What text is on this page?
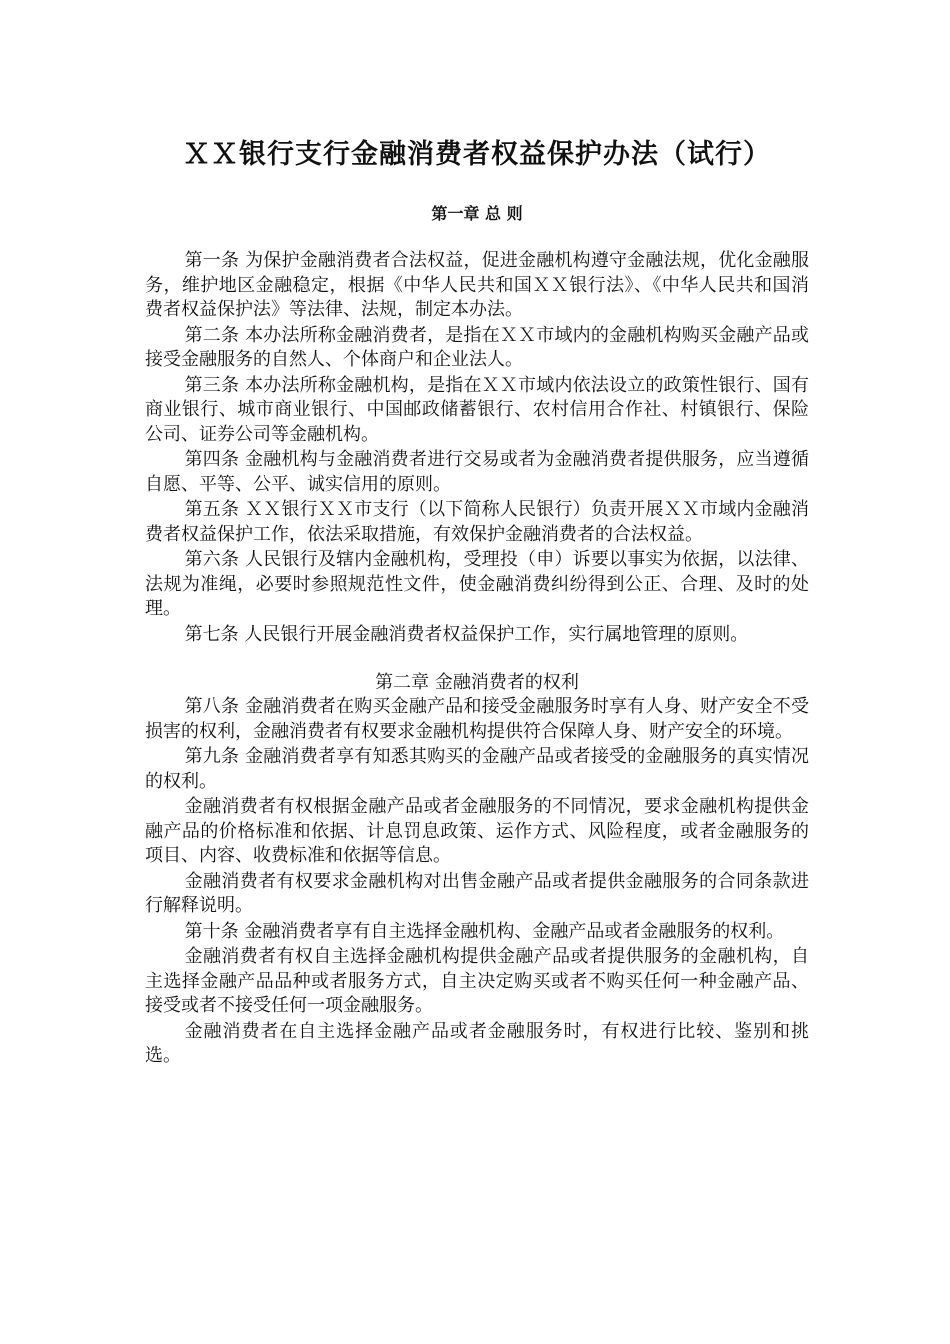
ＸＸ银行支行金融消费者权益保护办法（试行）
第一章 总 则

第一条 为保护金融消费者合法权益，促进金融机构遵守金融法规，优化金融服务，维护地区金融稳定，根据《中华人民共和国ＸＸ银行法》、《中华人民共和国消费者权益保护法》等法律、法规，制定本办法。

第二条 本办法所称金融消费者，是指在ＸＸ市域内的金融机构购买金融产品或接受金融服务的自然人、个体商户和企业法人。

第三条 本办法所称金融机构，是指在ＸＸ市域内依法设立的政策性银行、国有商业银行、城市商业银行、中国邮政储蓄银行、农村信用合作社、村镇银行、保险公司、证券公司等金融机构。

第四条 金融机构与金融消费者进行交易或者为金融消费者提供服务，应当遵循自愿、平等、公平、诚实信用的原则。

第五条 ＸＸ银行ＸＸ市支行（以下简称人民银行）负责开展ＸＸ市域内金融消费者权益保护工作，依法采取措施，有效保护金融消费者的合法权益。

第六条 人民银行及辖内金融机构，受理投（申）诉要以事实为依据，以法律、法规为准绳，必要时参照规范性文件，使金融消费纠纷得到公正、合理、及时的处理。

第七条 人民银行开展金融消费者权益保护工作，实行属地管理的原则。

第二章 金融消费者的权利

第八条 金融消费者在购买金融产品和接受金融服务时享有人身、财产安全不受损害的权利，金融消费者有权要求金融机构提供符合保障人身、财产安全的环境。

第九条 金融消费者享有知悉其购买的金融产品或者接受的金融服务的真实情况的权利。

金融消费者有权根据金融产品或者金融服务的不同情况，要求金融机构提供金融产品的价格标准和依据、计息罚息政策、运作方式、风险程度，或者金融服务的项目、内容、收费标准和依据等信息。

金融消费者有权要求金融机构对出售金融产品或者提供金融服务的合同条款进行解释说明。

第十条 金融消费者享有自主选择金融机构、金融产品或者金融服务的权利。

金融消费者有权自主选择金融机构提供金融产品或者提供服务的金融机构，自主选择金融产品品种或者服务方式，自主决定购买或者不购买任何一种金融产品、接受或者不接受任何一项金融服务。

金融消费者在自主选择金融产品或者金融服务时，有权进行比较、鉴别和挑选。
